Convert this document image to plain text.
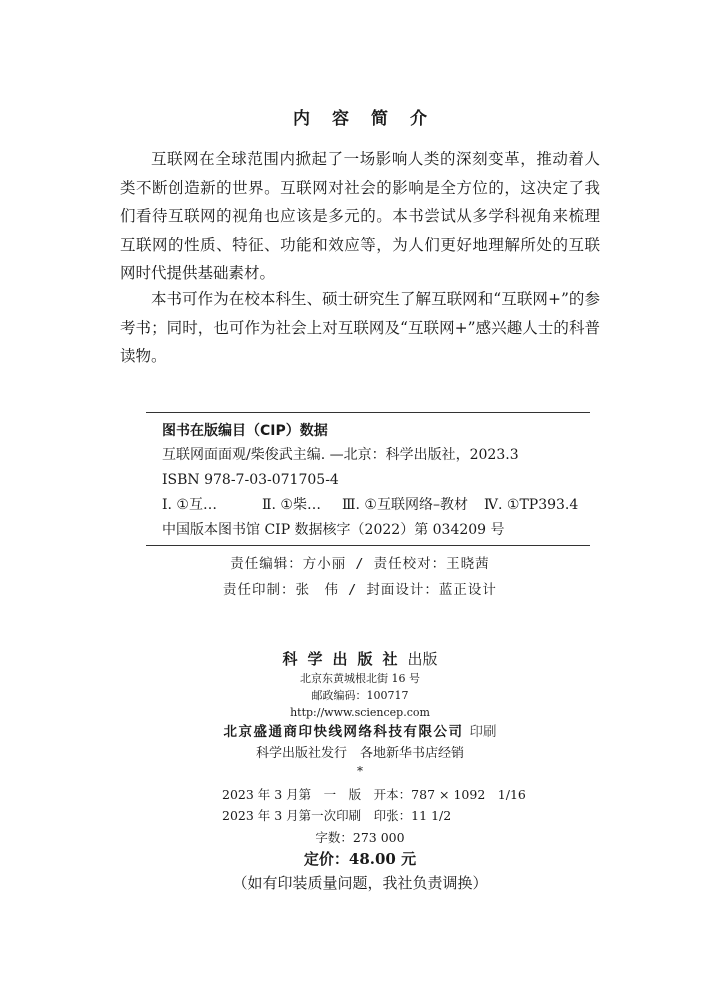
内容简介
互联网在全球范围内掀起了一场影响人类的深刻变革，推动着人类不断创造新的世界。互联网对社会的影响是全方位的，这决定了我们看待互联网的视角也应该是多元的。本书尝试从多学科视角来梳理互联网的性质、特征、功能和效应等，为人们更好地理解所处的互联网时代提供基础素材。
本书可作为在校本科生、硕士研究生了解互联网和“互联网+”的参考书；同时，也可作为社会上对互联网及“互联网+”感兴趣人士的科普读物。
图书在版编目（CIP）数据
互联网面面观/柴俊武主编. —北京：科学出版社，2023.3
ISBN 978-7-03-071705-4
Ⅰ. ①互…	Ⅱ. ①柴… Ⅲ. ①互联网络–教材 Ⅳ. ①TP393.4
中国版本图书馆 CIP 数据核字（2022）第 034209 号
责任编辑：方小丽 / 责任校对：王晓茜
责任印制：张　伟 / 封面设计：蓝正设计
科学出版社出版
北京东黄城根北街 16 号
邮政编码：100717
http://www.sciencep.com
北京盛通商印快线网络科技有限公司 印刷
科学出版社发行　各地新华书店经销
*
2023 年 3 月第　一　版　开本：787 × 1092　1/16
2023 年 3 月第一次印刷　印张：11 1/2
字数：273 000
定价：48.00 元
（如有印装质量问题，我社负责调换）
